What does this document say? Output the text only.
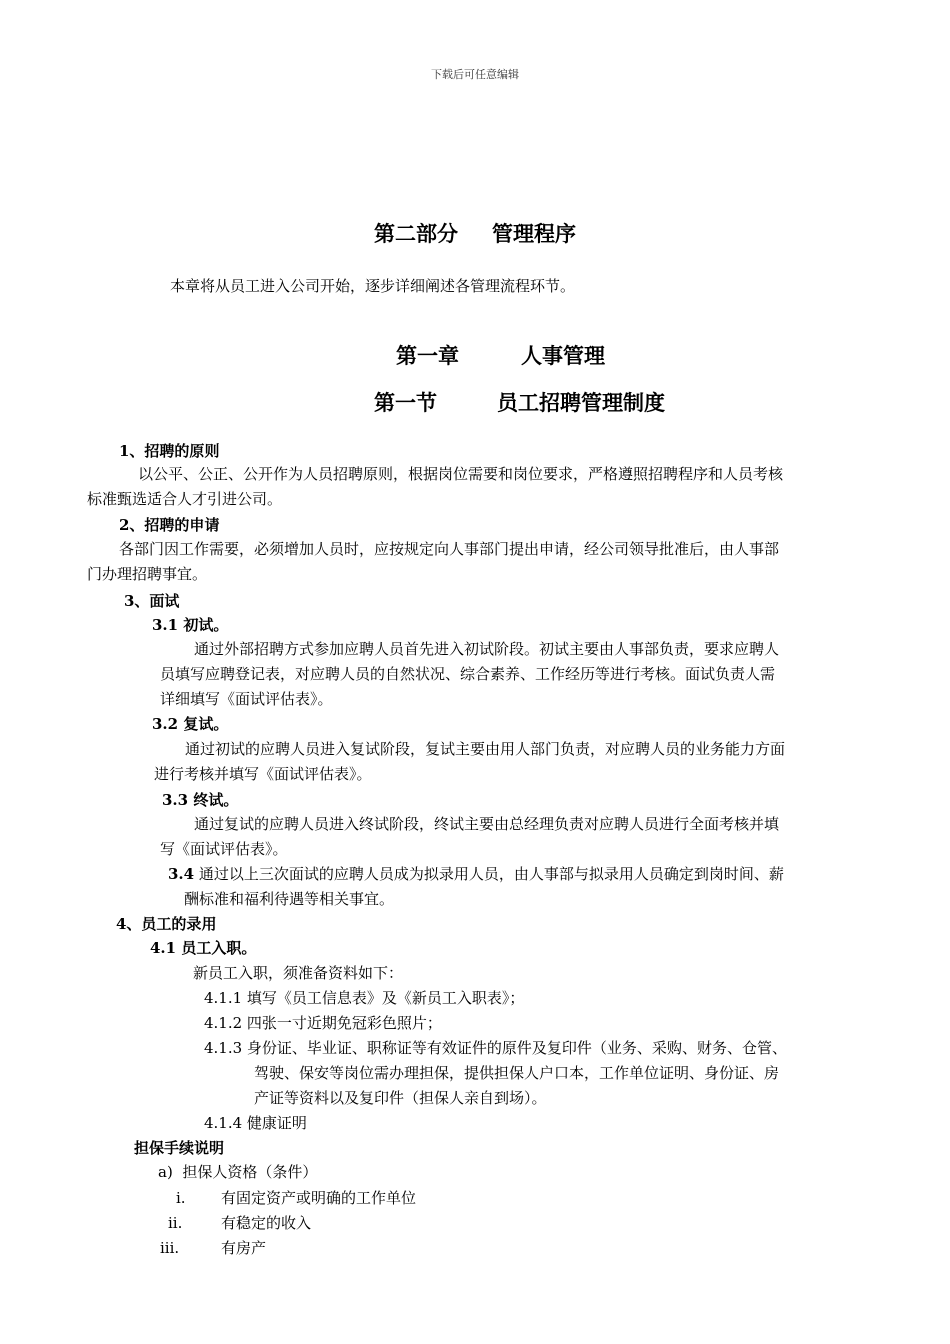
下载后可任意编辑
第二部分 管理程序
本章将从员工进入公司开始，逐步详细阐述各管理流程环节。
第一章	人事管理
第一节	员工招聘管理制度
1、招聘的原则
以公平、公正、公开作为人员招聘原则，根据岗位需要和岗位要求，严格遵照招聘程序和人员考核
标准甄选适合人才引进公司。
2、招聘的申请
各部门因工作需要，必须增加人员时，应按规定向人事部门提出申请，经公司领导批准后，由人事部
门办理招聘事宜。
3、面试
3.1 初试。
通过外部招聘方式参加应聘人员首先进入初试阶段。初试主要由人事部负责，要求应聘人
员填写应聘登记表，对应聘人员的自然状况、综合素养、工作经历等进行考核。面试负责人需
详细填写《面试评估表》。
3.2 复试。
通过初试的应聘人员进入复试阶段，复试主要由用人部门负责，对应聘人员的业务能力方面
进行考核并填写《面试评估表》。
3.3 终试。
通过复试的应聘人员进入终试阶段，终试主要由总经理负责对应聘人员进行全面考核并填
写《面试评估表》。
3.4 通过以上三次面试的应聘人员成为拟录用人员，由人事部与拟录用人员确定到岗时间、薪
酬标准和福利待遇等相关事宜。
4、员工的录用
4.1 员工入职。
新员工入职，须准备资料如下：
4.1.1 填写《员工信息表》及《新员工入职表》；
4.1.2 四张一寸近期免冠彩色照片；
4.1.3 身份证、毕业证、职称证等有效证件的原件及复印件（业务、采购、财务、仓管、
驾驶、保安等岗位需办理担保，提供担保人户口本，工作单位证明、身份证、房
产证等资料以及复印件（担保人亲自到场）。
4.1.4 健康证明
担保手续说明
a) 担保人资格（条件）
i. 有固定资产或明确的工作单位
ii.	有稳定的收入
iii.	有房产
